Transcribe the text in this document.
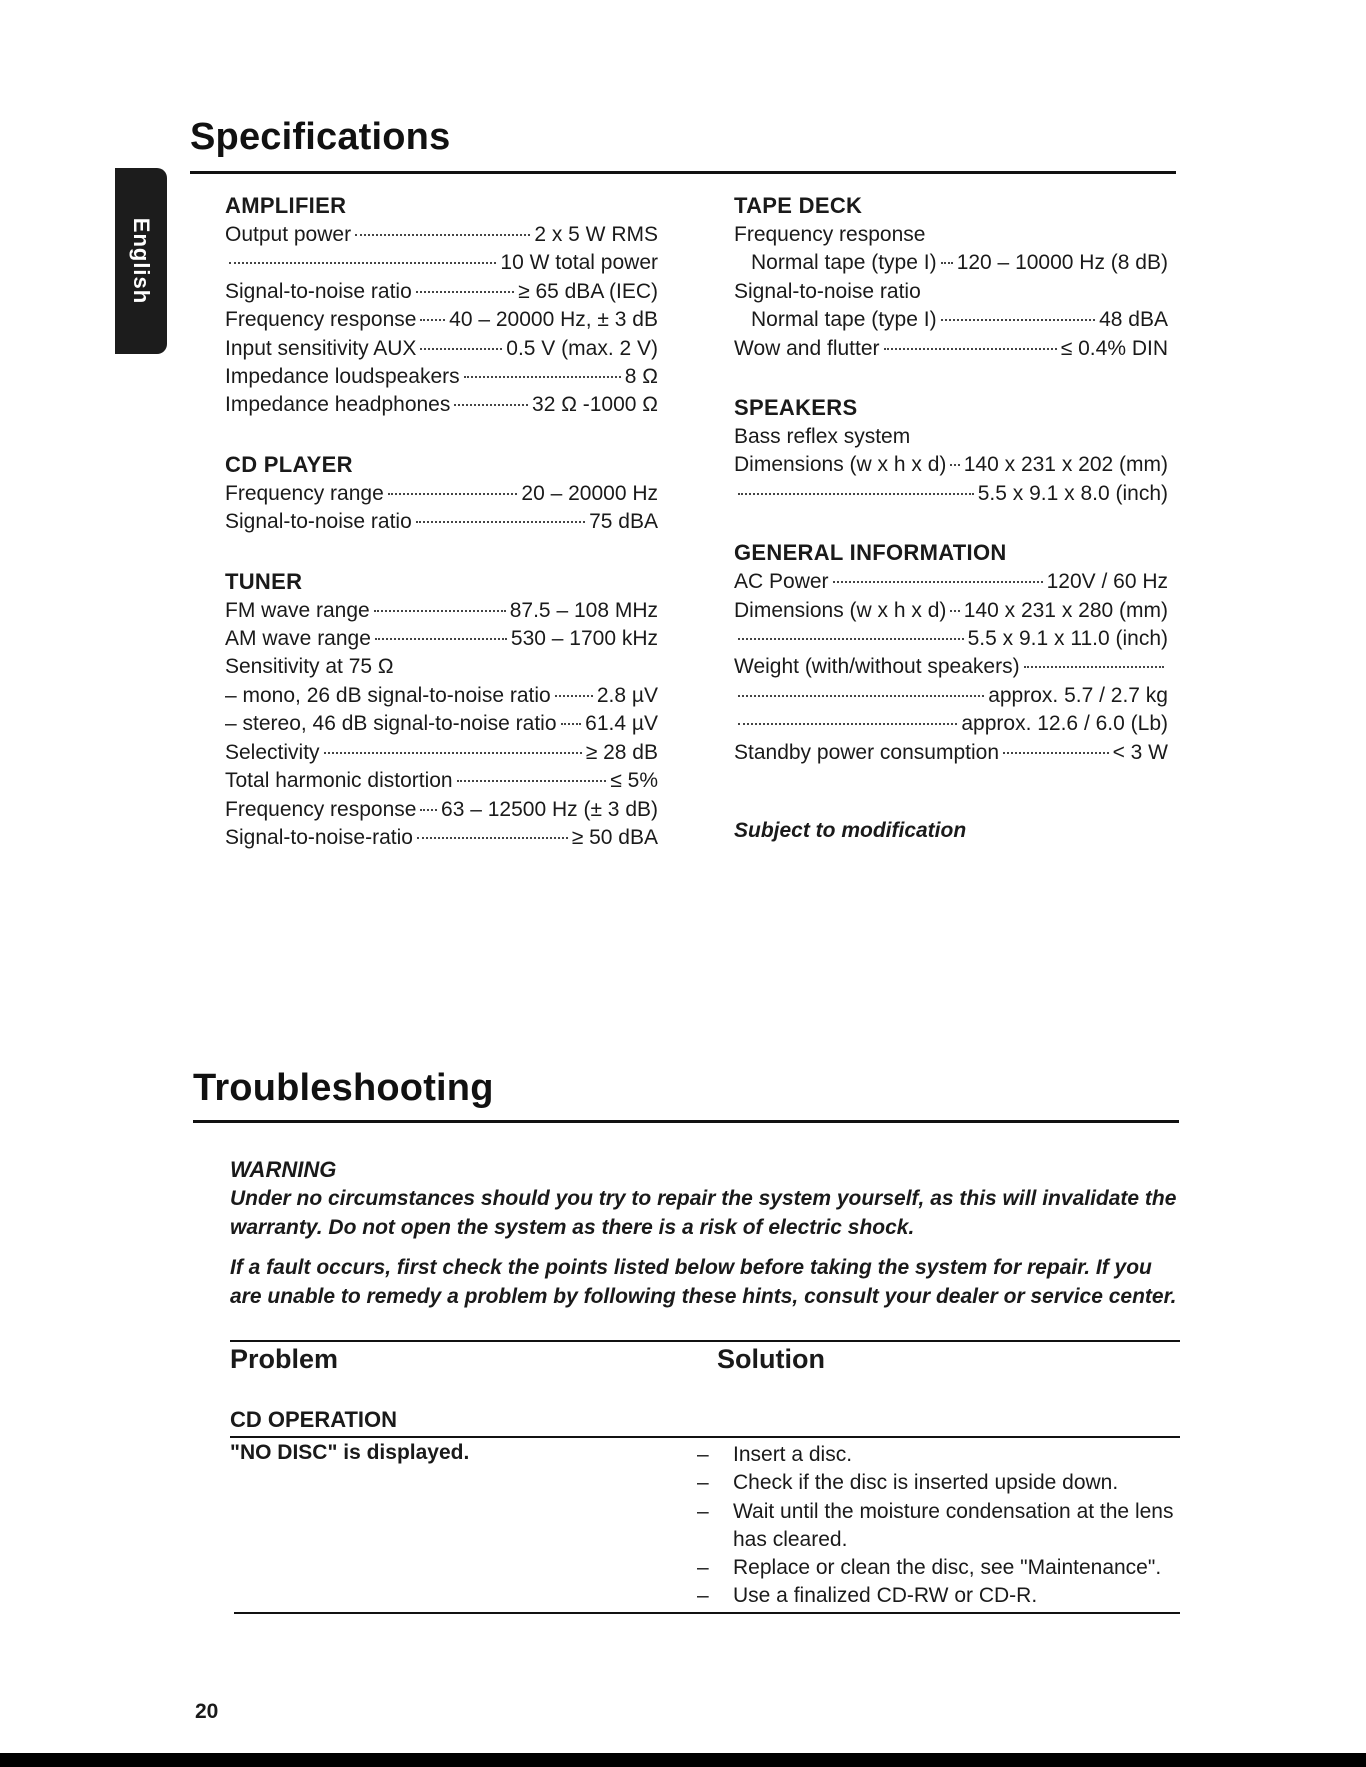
English
Specifications
AMPLIFIER
Output power	2 x 5 W RMS
10 W total power
Signal-to-noise ratio	≥ 65 dBA (IEC)
Frequency response 40 – 20000 Hz, ± 3 dB
Input sensitivity AUX	0.5 V (max. 2 V)
Impedance loudspeakers	8 Ω
Impedance headphones	32 Ω -1000 Ω
CD PLAYER
Frequency range	20 – 20000 Hz
Signal-to-noise ratio	75 dBA
TUNER
FM wave range	87.5 – 108 MHz
AM wave range	530 – 1700 kHz
Sensitivity at 75 Ω
– mono, 26 dB signal-to-noise ratio 2.8 µV
– stereo, 46 dB signal-to-noise ratio 61.4 µV
Selectivity	≥ 28 dB
Total harmonic distortion	≤ 5%
Frequency response 63 – 12500 Hz (± 3 dB)
Signal-to-noise-ratio	≥ 50 dBA
TAPE DECK
Frequency response
Normal tape (type I) 120 – 10000 Hz (8 dB)
Signal-to-noise ratio
Normal tape (type I)	48 dBA
Wow and flutter	≤ 0.4% DIN
SPEAKERS
Bass reflex system
Dimensions (w x h x d) 140 x 231 x 202 (mm)
5.5 x 9.1 x 8.0 (inch)
GENERAL INFORMATION
AC Power	120V / 60 Hz
Dimensions (w x h x d) 140 x 231 x 280 (mm)
5.5 x 9.1 x 11.0 (inch)
Weight (with/without speakers)
approx. 5.7 / 2.7 kg
approx. 12.6 / 6.0 (Lb)
Standby power consumption	< 3 W
Subject to modification
Troubleshooting
WARNING
Under no circumstances should you try to repair the system yourself, as this will invalidate the warranty. Do not open the system as there is a risk of electric shock.
If a fault occurs, first check the points listed below before taking the system for repair. If you are unable to remedy a problem by following these hints, consult your dealer or service center.
Problem	Solution
CD OPERATION
"NO DISC" is displayed.
–	Insert a disc.
– Check if the disc is inserted upside down.
– Wait until the moisture condensation at the lens has cleared.
– Replace or clean the disc, see "Maintenance".
– Use a finalized CD-RW or CD-R.
20
